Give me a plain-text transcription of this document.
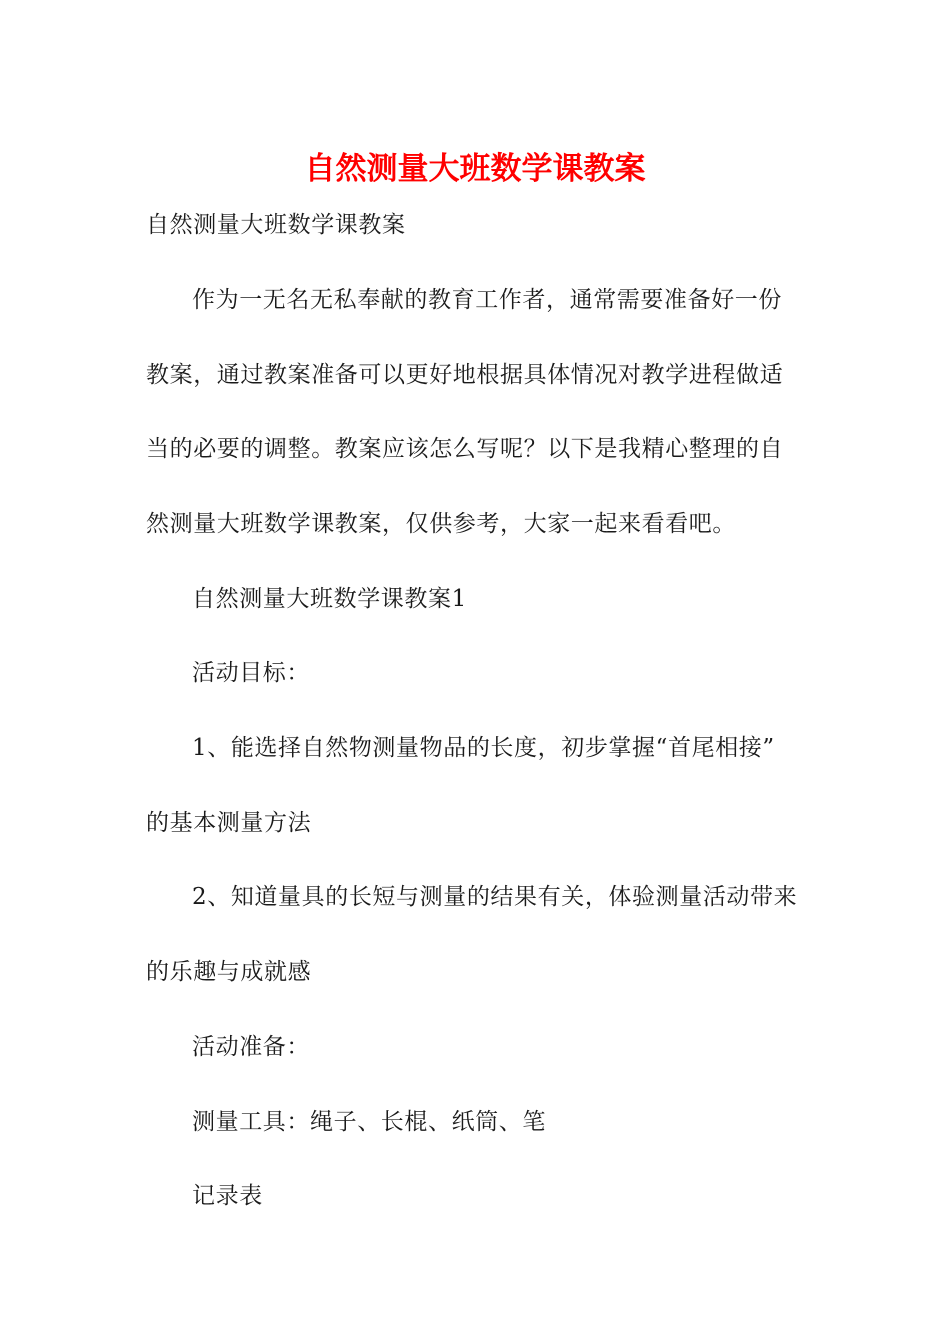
自然测量大班数学课教案

自然测量大班数学课教案

作为一无名无私奉献的教育工作者，通常需要准备好一份

教案，通过教案准备可以更好地根据具体情况对教学进程做适

当的必要的调整。教案应该怎么写呢？以下是我精心整理的自

然测量大班数学课教案，仅供参考，大家一起来看看吧。

自然测量大班数学课教案1

活动目标：

1、能选择自然物测量物品的长度，初步掌握“首尾相接”

的基本测量方法

2、知道量具的长短与测量的结果有关，体验测量活动带来

的乐趣与成就感

活动准备：

测量工具：绳子、长棍、纸筒、笔

记录表
